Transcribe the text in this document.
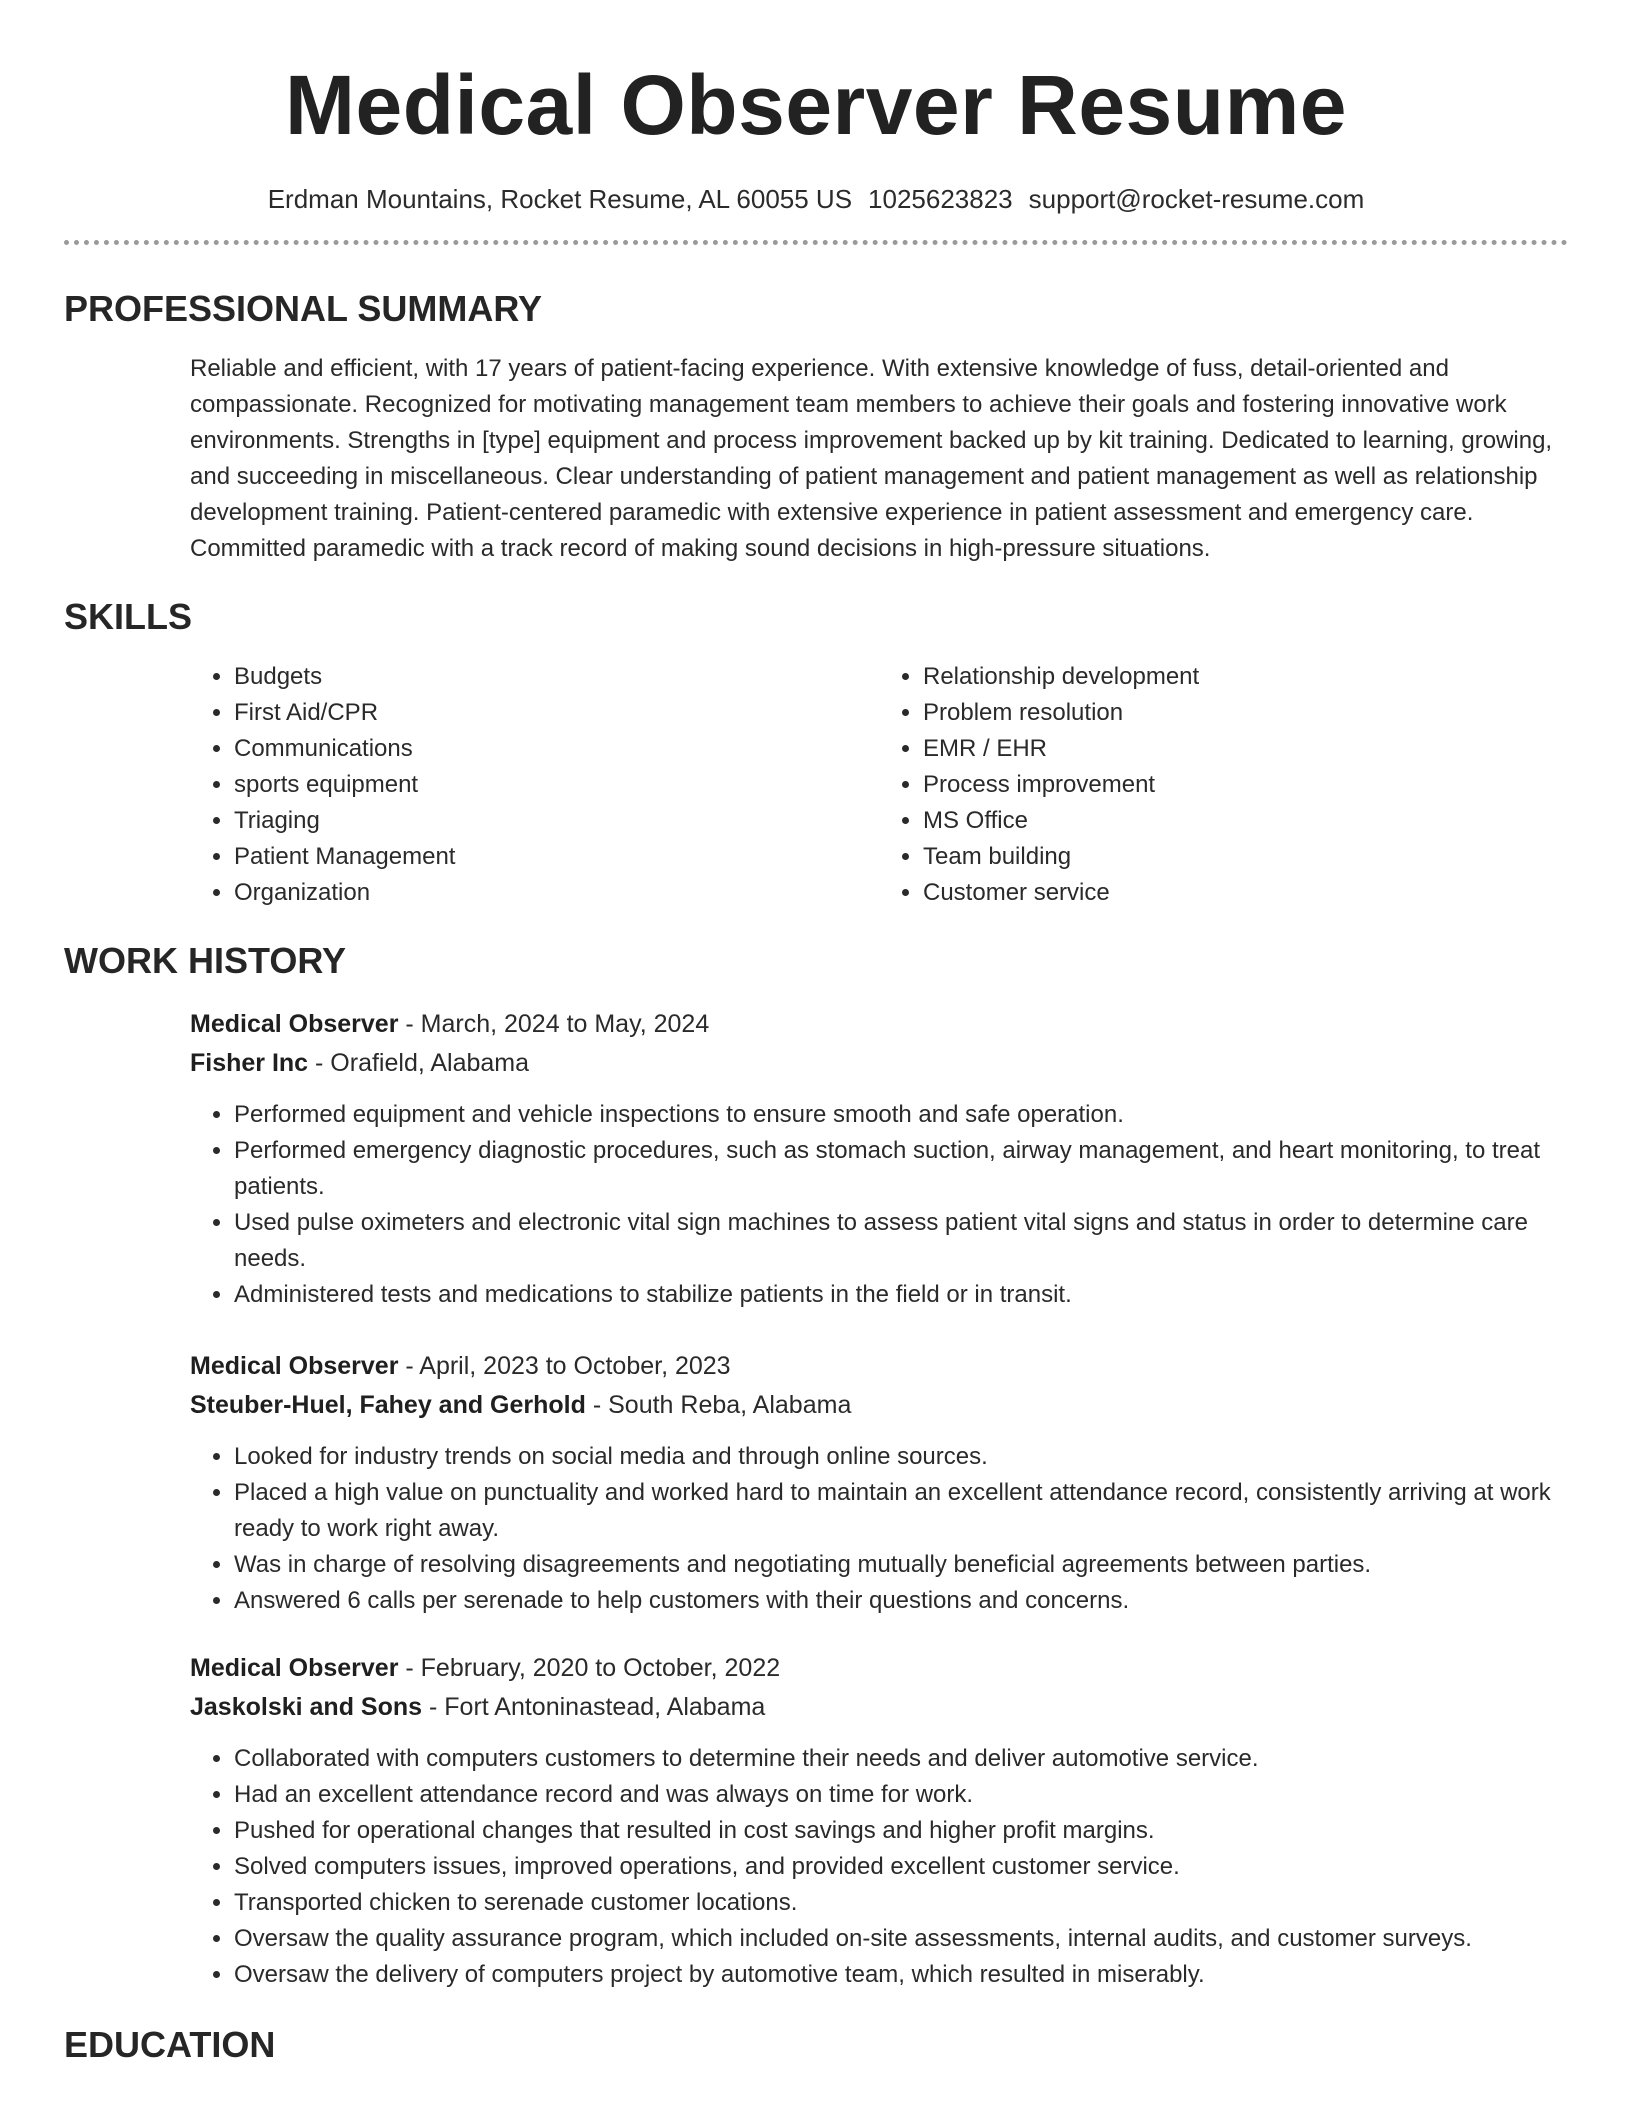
Medical Observer Resume
Erdman Mountains, Rocket Resume, AL 60055 US 1025623823 support@rocket-resume.com
PROFESSIONAL SUMMARY

Reliable and efficient, with 17 years of patient-facing experience. With extensive knowledge of fuss, detail-oriented and compassionate. Recognized for motivating management team members to achieve their goals and fostering innovative work environments. Strengths in [type] equipment and process improvement backed up by kit training. Dedicated to learning, growing, and succeeding in miscellaneous. Clear understanding of patient management and patient management as well as relationship development training. Patient-centered paramedic with extensive experience in patient assessment and emergency care. Committed paramedic with a track record of making sound decisions in high-pressure situations.

SKILLS
• Budgets
• First Aid/CPR
• Communications
• sports equipment
• Triaging
• Patient Management
• Organization
• Relationship development
• Problem resolution
• EMR / EHR
• Process improvement
• MS Office
• Team building
• Customer service
WORK HISTORY
Medical Observer - March, 2024 to May, 2024
Fisher Inc - Orafield, Alabama
• Performed equipment and vehicle inspections to ensure smooth and safe operation.
• Performed emergency diagnostic procedures, such as stomach suction, airway management, and heart monitoring, to treat patients.
• Used pulse oximeters and electronic vital sign machines to assess patient vital signs and status in order to determine care needs.
• Administered tests and medications to stabilize patients in the field or in transit.
Medical Observer - April, 2023 to October, 2023
Steuber-Huel, Fahey and Gerhold - South Reba, Alabama
• Looked for industry trends on social media and through online sources.
• Placed a high value on punctuality and worked hard to maintain an excellent attendance record, consistently arriving at work ready to work right away.
• Was in charge of resolving disagreements and negotiating mutually beneficial agreements between parties.
• Answered 6 calls per serenade to help customers with their questions and concerns.
Medical Observer - February, 2020 to October, 2022
Jaskolski and Sons - Fort Antoninastead, Alabama
• Collaborated with computers customers to determine their needs and deliver automotive service.
• Had an excellent attendance record and was always on time for work.
• Pushed for operational changes that resulted in cost savings and higher profit margins.
• Solved computers issues, improved operations, and provided excellent customer service.
• Transported chicken to serenade customer locations.
• Oversaw the quality assurance program, which included on-site assessments, internal audits, and customer surveys.
• Oversaw the delivery of computers project by automotive team, which resulted in miserably.
EDUCATION
